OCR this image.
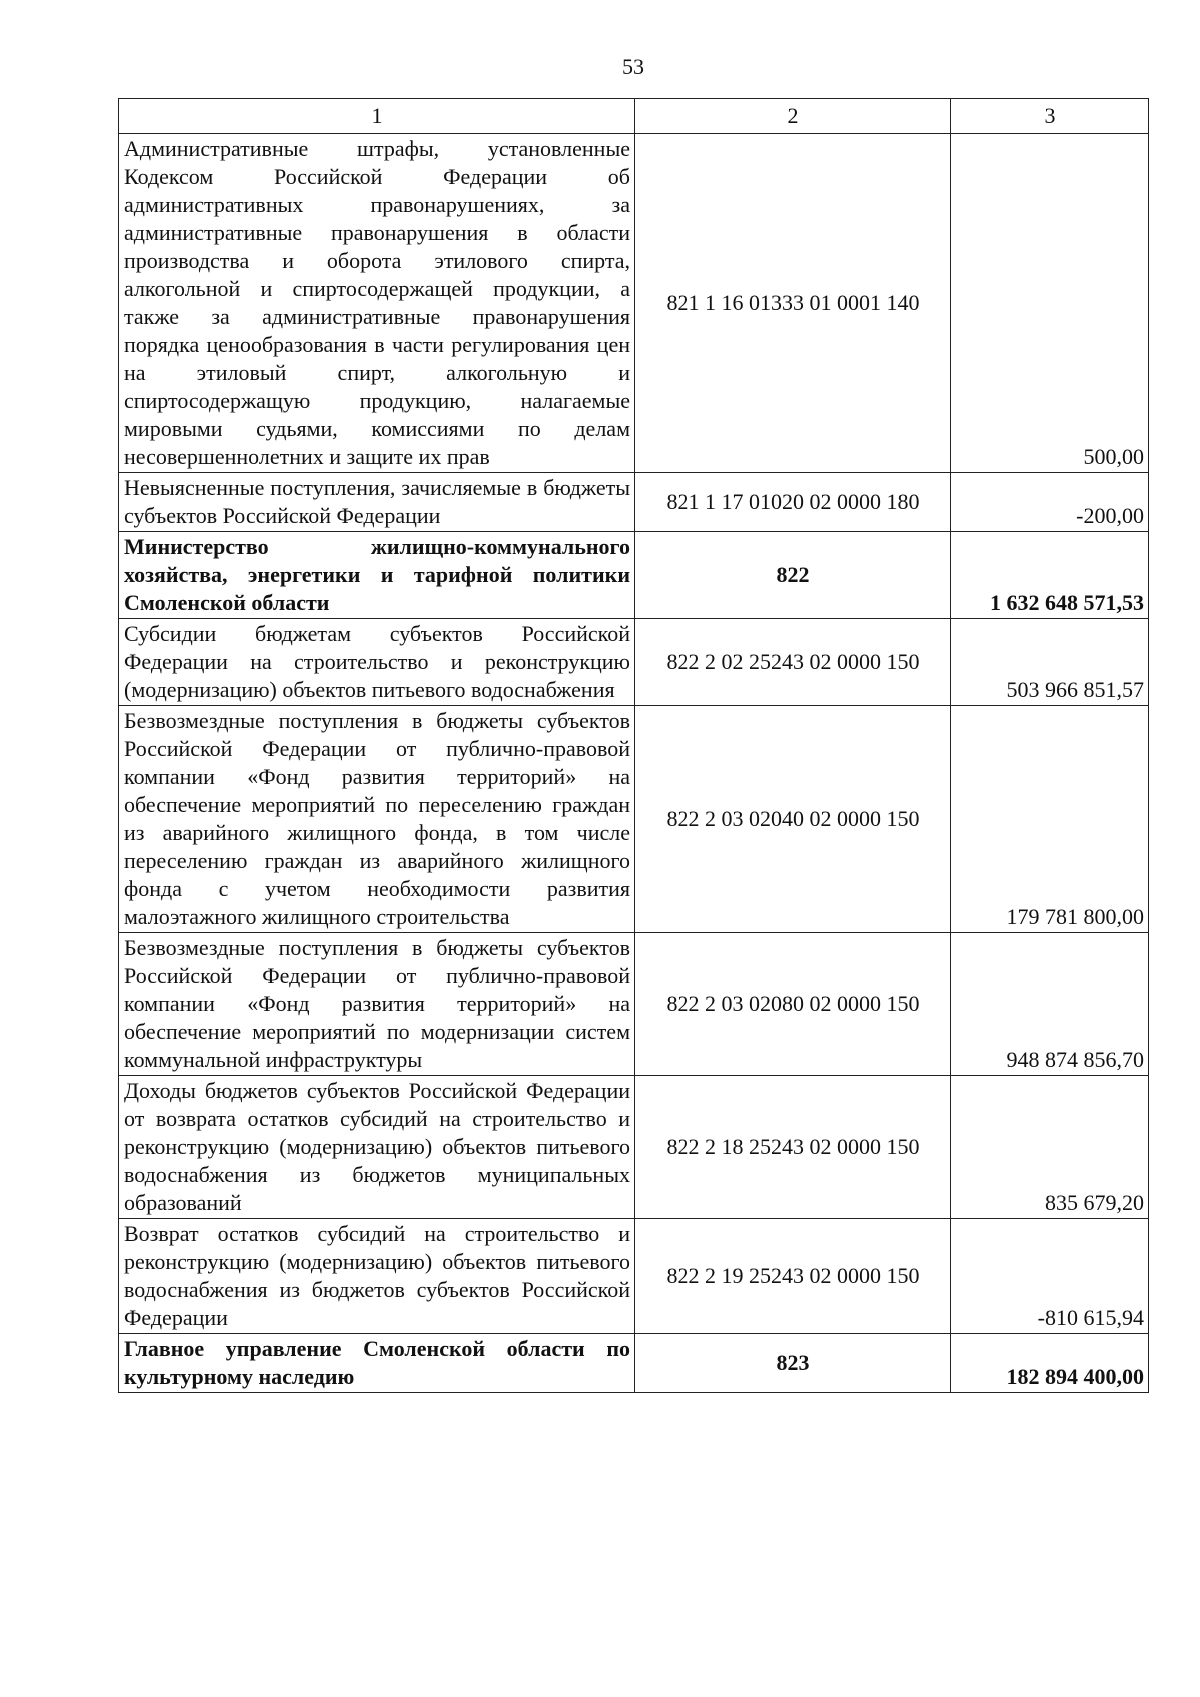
53
1	2	3
Административные штрафы, установленные Кодексом Российской Федерации об административных правонарушениях, за административные правонарушения в области производства и оборота этилового спирта, алкогольной и спиртосодержащей продукции, а также за административные правонарушения порядка ценообразования в части регулирования цен на этиловый спирт, алкогольную и спиртосодержащую продукцию, налагаемые мировыми судьями, комиссиями по делам несовершеннолетних и защите их прав	821 1 16 01333 01 0001 140	500,00
Невыясненные поступления, зачисляемые в бюджеты субъектов Российской Федерации	821 1 17 01020 02 0000 180	-200,00
Министерство жилищно-коммунального хозяйства, энергетики и тарифной политики Смоленской области	822	1 632 648 571,53
Субсидии бюджетам субъектов Российской Федерации на строительство и реконструкцию (модернизацию) объектов питьевого водоснабжения	822 2 02 25243 02 0000 150	503 966 851,57
Безвозмездные поступления в бюджеты субъектов Российской Федерации от публично-правовой компании «Фонд развития территорий» на обеспечение мероприятий по переселению граждан из аварийного жилищного фонда, в том числе переселению граждан из аварийного жилищного фонда с учетом необходимости развития малоэтажного жилищного строительства	822 2 03 02040 02 0000 150	179 781 800,00
Безвозмездные поступления в бюджеты субъектов Российской Федерации от публично-правовой компании «Фонд развития территорий» на обеспечение мероприятий по модернизации систем коммунальной инфраструктуры	822 2 03 02080 02 0000 150	948 874 856,70
Доходы бюджетов субъектов Российской Федерации от возврата остатков субсидий на строительство и реконструкцию (модернизацию) объектов питьевого водоснабжения из бюджетов муниципальных образований	822 2 18 25243 02 0000 150	835 679,20
Возврат остатков субсидий на строительство и реконструкцию (модернизацию) объектов питьевого водоснабжения из бюджетов субъектов Российской Федерации	822 2 19 25243 02 0000 150	-810 615,94
Главное управление Смоленской области по культурному наследию	823	182 894 400,00
